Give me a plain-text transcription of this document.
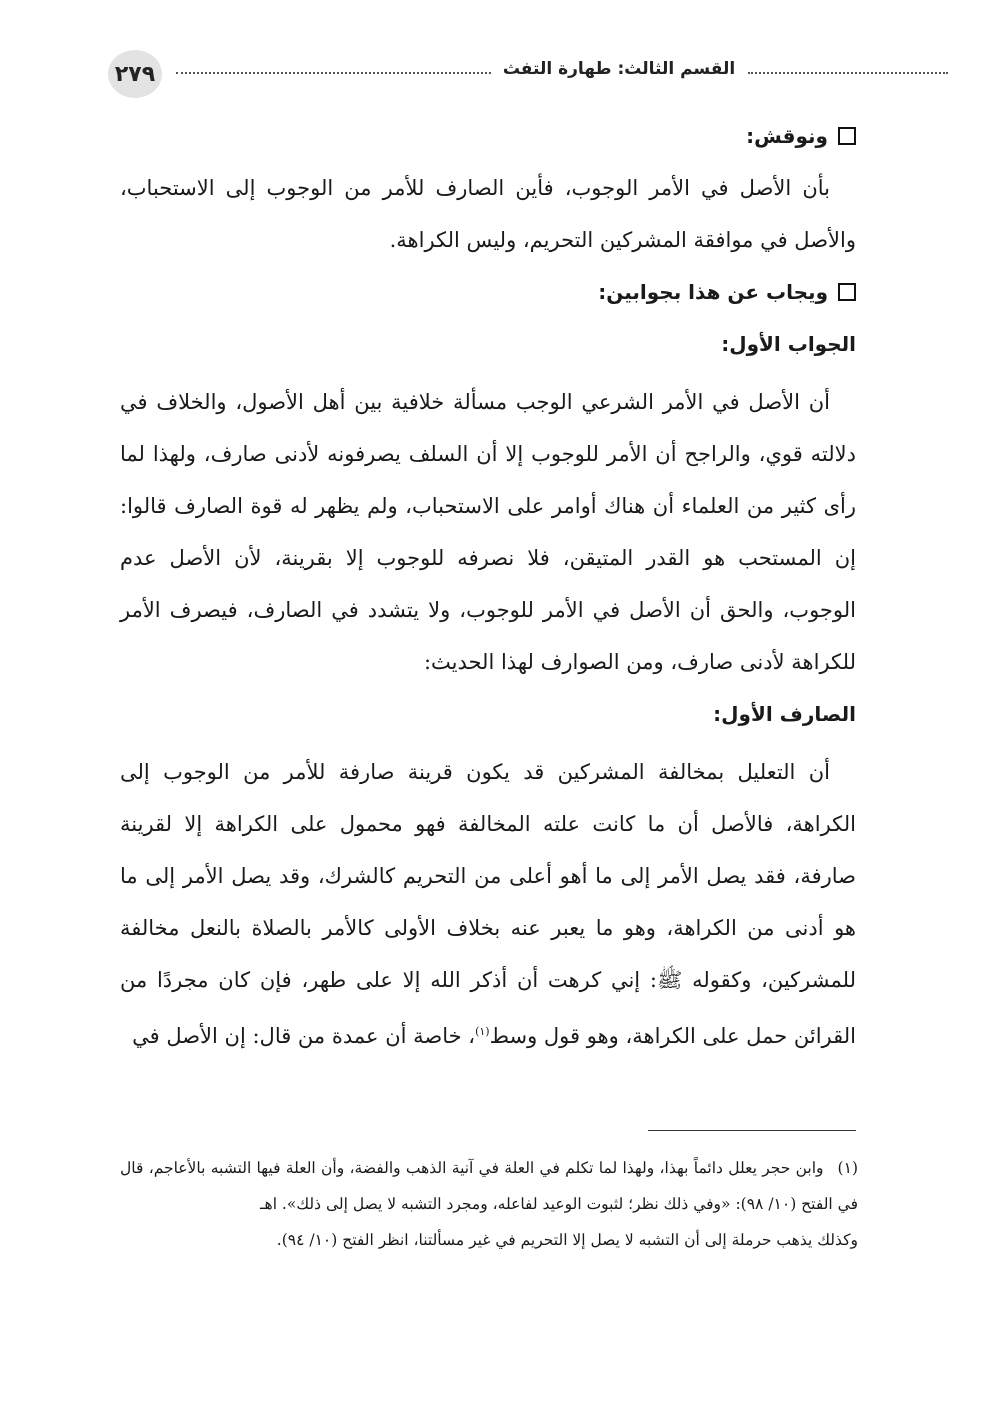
٢٧٩	القسم الثالث: طهارة التفث
ونوقش:

بأن الأصل في الأمر الوجوب، فأين الصارف للأمر من الوجوب إلى الاستحباب، والأصل في موافقة المشركين التحريم، وليس الكراهة.

ويجاب عن هذا بجوابين:
الجواب الأول:

أن الأصل في الأمر الشرعي الوجب مسألة خلافية بين أهل الأصول، والخلاف في دلالته قوي، والراجح أن الأمر للوجوب إلا أن السلف يصرفونه لأدنى صارف، ولهذا لما رأى كثير من العلماء أن هناك أوامر على الاستحباب، ولم يظهر له قوة الصارف قالوا: إن المستحب هو القدر المتيقن، فلا نصرفه للوجوب إلا بقرينة، لأن الأصل عدم الوجوب، والحق أن الأصل في الأمر للوجوب، ولا يتشدد في الصارف، فيصرف الأمر للكراهة لأدنى صارف، ومن الصوارف لهذا الحديث:

الصارف الأول:

أن التعليل بمخالفة المشركين قد يكون قرينة صارفة للأمر من الوجوب إلى الكراهة، فالأصل أن ما كانت علته المخالفة فهو محمول على الكراهة إلا لقرينة صارفة، فقد يصل الأمر إلى ما أهو أعلى من التحريم كالشرك، وقد يصل الأمر إلى ما هو أدنى من الكراهة، وهو ما يعبر عنه بخلاف الأولى كالأمر بالصلاة بالنعل مخالفة للمشركين، وكقوله ﷺ: إني كرهت أن أذكر الله إلا على طهر، فإن كان مجردًا من القرائن حمل على الكراهة، وهو قول وسط$^{(١)}$، خاصة أن عمدة من قال: إن الأصل في

(١)وابن حجر يعلل دائماً بهذا، ولهذا لما تكلم في العلة في آنية الذهب والفضة، وأن العلة فيها التشبه بالأعاجم، قال في الفتح (١٠/ ٩٨): «وفي ذلك نظر؛ لثبوت الوعيد لفاعله، ومجرد التشبه لا يصل إلى ذلك». اهـ

وكذلك يذهب حرملة إلى أن التشبه لا يصل إلا التحريم في غير مسألتنا، انظر الفتح (١٠/ ٩٤).
